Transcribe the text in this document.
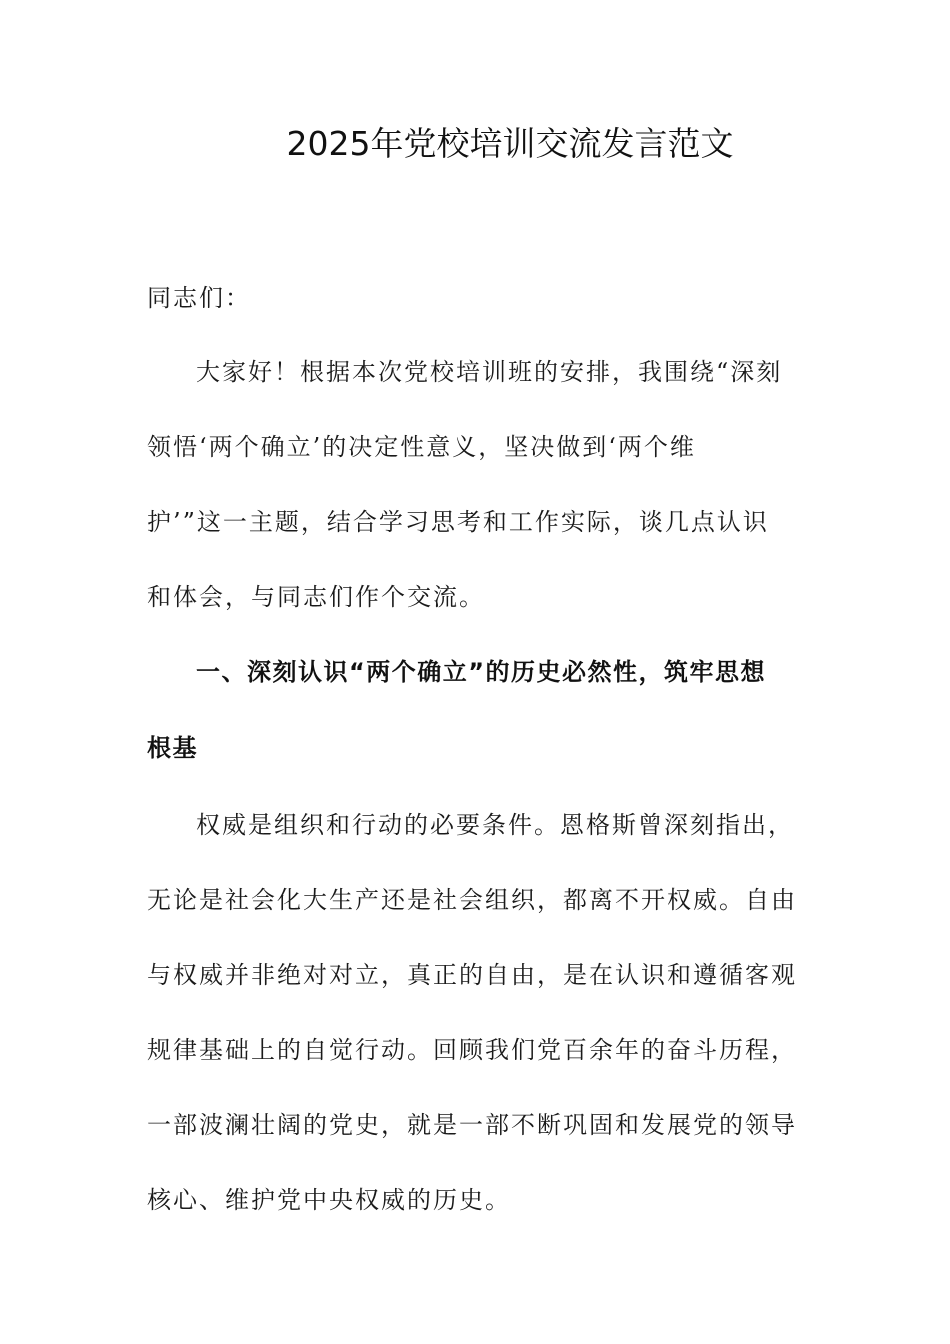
2025年党校培训交流发言范文

同志们：

大家好！根据本次党校培训班的安排，我围绕“深刻

领悟‘两个确立’的决定性意义，坚决做到‘两个维

护’”这一主题，结合学习思考和工作实际，谈几点认识

和体会，与同志们作个交流。

一、深刻认识“两个确立”的历史必然性，筑牢思想

根基

权威是组织和行动的必要条件。恩格斯曾深刻指出，

无论是社会化大生产还是社会组织，都离不开权威。自由

与权威并非绝对对立，真正的自由，是在认识和遵循客观

规律基础上的自觉行动。回顾我们党百余年的奋斗历程，

一部波澜壮阔的党史，就是一部不断巩固和发展党的领导

核心、维护党中央权威的历史。
